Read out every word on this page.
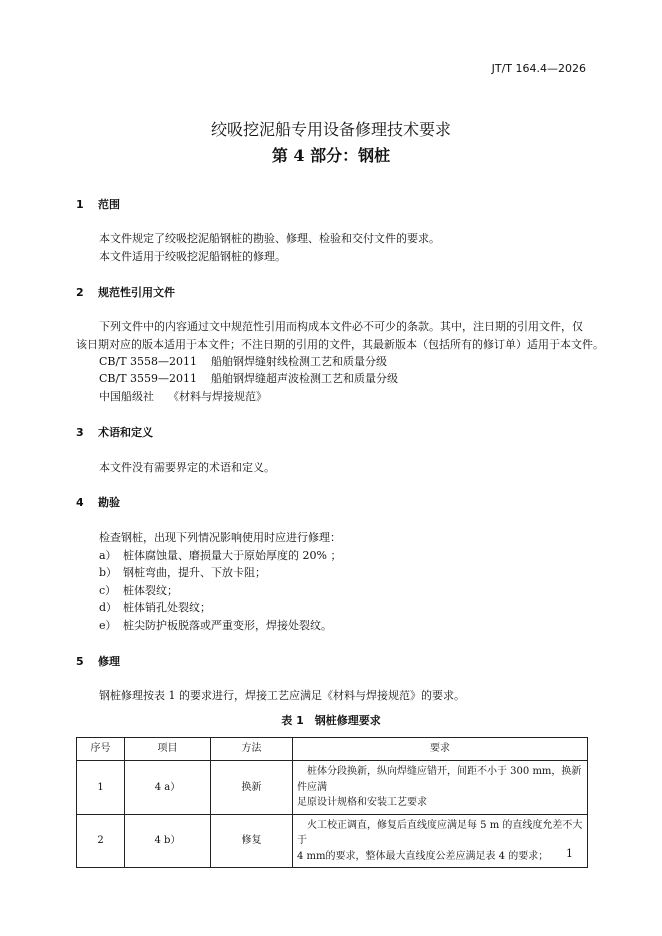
JT/T 164.4—2026
绞吸挖泥船专用设备修理技术要求
第 4 部分：钢桩
1 范围
本文件规定了绞吸挖泥船钢桩的勘验、修理、检验和交付文件的要求。
本文件适用于绞吸挖泥船钢桩的修理。
2 规范性引用文件
下列文件中的内容通过文中规范性引用而构成本文件必不可少的条款。其中，注日期的引用文件，仅
该日期对应的版本适用于本文件；不注日期的引用的文件，其最新版本（包括所有的修订单）适用于本文件。
CB/T 3558—2011 船舶钢焊缝射线检测工艺和质量分级
CB/T 3559—2011 船舶钢焊缝超声波检测工艺和质量分级
中国船级社 《材料与焊接规范》
3 术语和定义
本文件没有需要界定的术语和定义。
4 勘验
检查钢桩，出现下列情况影响使用时应进行修理：
a） 桩体腐蚀量、磨损量大于原始厚度的 20% ；
b） 钢桩弯曲，提升、下放卡阻；
c） 桩体裂纹；
d） 桩体销孔处裂纹；
e） 桩尖防护板脱落或严重变形，焊接处裂纹。
5 修理
钢桩修理按表 1 的要求进行，焊接工艺应满足《材料与焊接规范》的要求。
表 1　钢桩修理要求
序号	项目	方法	要求
1	4 a）	换新	桩体分段换新，纵向焊缝应错开，间距不小于 300 mm，换新件应满
足原设计规格和安装工艺要求

2	4 b）	修复	火工校正调直，修复后直线度应满足每 5 m 的直线度允差不大于
4 mm的要求，整体最大直线度公差应满足表 4 的要求；	1
